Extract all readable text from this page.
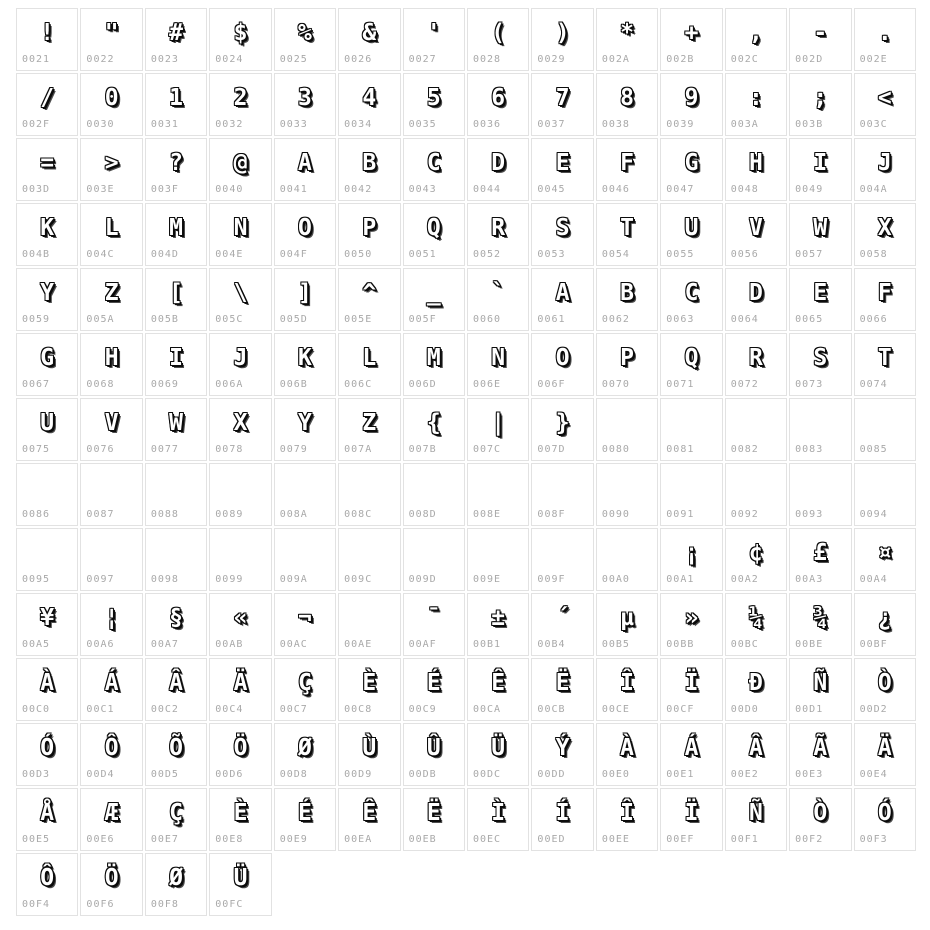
!
0021
"
0022
#
0023
$
0024
%
0025
&
0026
'
0027
(
0028
)
0029
*
002A
+
002B
,
002C
-
002D
.
002E
/
002F
0
0030
1
0031
2
0032
3
0033
4
0034
5
0035
6
0036
7
0037
8
0038
9
0039
:
003A
;
003B
<
003C
=
003D
>
003E
?
003F
@
0040
A
0041
B
0042
C
0043
D
0044
E
0045
F
0046
G
0047
H
0048
I
0049
J
004A
K
004B
L
004C
M
004D
N
004E
O
004F
P
0050
Q
0051
R
0052
S
0053
T
0054
U
0055
V
0056
W
0057
X
0058
Y
0059
Z
005A
[
005B
\
005C
]
005D
^
005E
_
005F
`
0060
A
0061
B
0062
C
0063
D
0064
E
0065
F
0066
G
0067
H
0068
I
0069
J
006A
K
006B
L
006C
M
006D
N
006E
O
006F
P
0070
Q
0071
R
0072
S
0073
T
0074
U
0075
V
0076
W
0077
X
0078
Y
0079
Z
007A
{
007B
|
007C
}
007D	0080	0081	0082	0083	0085
0086	0087	0088	0089	008A	008C	008D	008E	008F	0090	0091	0092	0093	0094
0095	0097	0098	0099	009A	009C	009D	009E	009F	00A0
¡
00A1
¢
00A2
£
00A3
¤
00A4
¥
00A5
¦
00A6
§
00A7
«
00AB
¬
00AC	00AE
¯
00AF
±
00B1
´
00B4
µ
00B5
»
00BB
¼
00BC
¾
00BE
¿
00BF
À
00C0
Á
00C1
Â
00C2
Ä
00C4
Ç
00C7
È
00C8
É
00C9
Ê
00CA
Ë
00CB
Î
00CE
Ï
00CF
Ð
00D0
Ñ
00D1
Ò
00D2
Ó
00D3
Ô
00D4
Õ
00D5
Ö
00D6
Ø
00D8
Ù
00D9
Û
00DB
Ü
00DC
Ý
00DD
À
00E0
Á
00E1
Â
00E2
Ã
00E3
Ä
00E4
Å
00E5
Æ
00E6
Ç
00E7
È
00E8
É
00E9
Ê
00EA
Ë
00EB
Ì
00EC
Í
00ED
Î
00EE
Ï
00EF
Ñ
00F1
Ò
00F2
Ó
00F3
Ô
00F4
Ö
00F6
Ø
00F8
Ü
00FC
